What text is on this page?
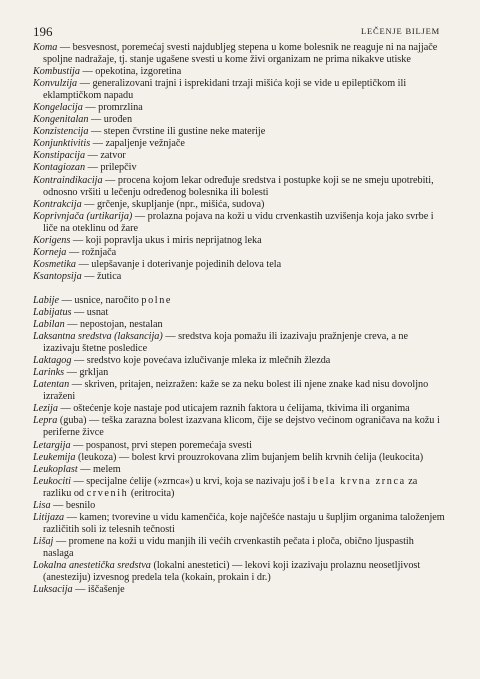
196	LEČENJE BILJEM
Koma — besvesnost, poremećaj svesti najdubljeg stepena u kome bolesnik ne reaguje ni na najjače spoljne nadražaje, tj. stanje ugašene svesti u kome živi organizam ne prima nikakve utiske
Kombustija — opekotina, izgoretina
Konvulzija — generalizovani trajni i isprekidani trzaji mišića koji se vide u epileptičkom ili eklamptičkom napadu
Kongelacija — promrzlina
Kongenitalan — urođen
Konzistencija — stepen čvrstine ili gustine neke materije
Konjunktivitis — zapaljenje vežnjače
Konstipacija — zatvor
Kontagiozan — prilepčiv
Kontraindikacija — procena kojom lekar određuje sredstva i postupke koji se ne smeju upotrebiti, odnosno vršiti u lečenju određenog bolesnika ili bolesti
Kontrakcija — grčenje, skupljanje (npr., mišića, sudova)
Koprivnjača (urtikarija) — prolazna pojava na koži u vidu crvenkastih uzvišenja koja jako svrbe i liče na oteklinu od žare
Korigens — koji popravlja ukus i miris neprijatnog leka
Korneja — rožnjača
Kosmetika — ulepšavanje i doterivanje pojedinih delova tela
Ksantopsija — žutica
Labije — usnice, naročito polne
Labijatus — usnat
Labilan — nepostojan, nestalan
Laksantna sredstva (laksancija) — sredstva koja pomažu ili izazivaju pražnjenje creva, a ne izazivaju štetne posledice
Laktagog — sredstvo koje povećava izlučivanje mleka iz mlečnih žlezda
Larinks — grkljan
Latentan — skriven, pritajen, neizražen: kaže se za neku bolest ili njene znake kad nisu dovoljno izraženi
Lezija — oštećenje koje nastaje pod uticajem raznih faktora u ćelijama, tkivima ili organima
Lepra (guba) — teška zarazna bolest izazvana klicom, čije se dejstvo većinom ograničava na kožu i periferne živce
Letargija — pospanost, prvi stepen poremećaja svesti
Leukemija (leukoza) — bolest krvi prouzrokovana zlim bujanjem belih krvnih ćelija (leukocita)
Leukoplast — melem
Leukociti — specijalne ćelije (»zrnca«) u krvi, koja se nazivaju još i bela krvna zrnca za razliku od crvenih (eritrocita)
Lisa — besnilo
Litijaza — kamen; tvorevine u vidu kamenčića, koje najčešće nastaju u šupljim organima taloženjem različitih soli iz telesnih tečnosti
Lišaj — promene na koži u vidu manjih ili većih crvenkastih pečata i ploča, obično ljuspastih naslaga
Lokalna anestetička sredstva (lokalni anestetici) — lekovi koji izazivaju prolaznu neosetljivost (anesteziju) izvesnog predela tela (kokain, prokain i dr.)
Luksacija — iščašenje
